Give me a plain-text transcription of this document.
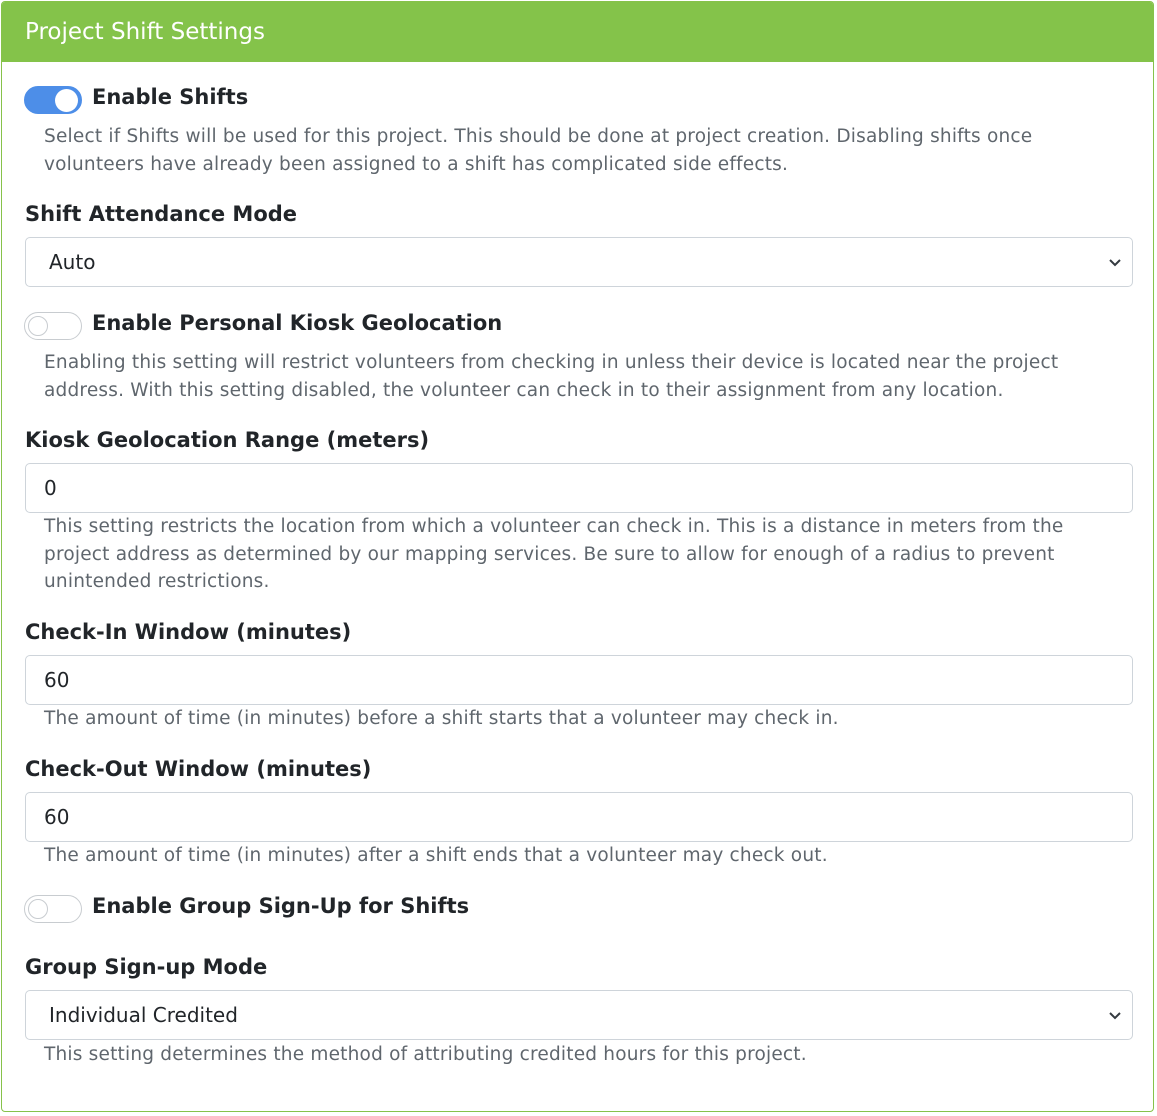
Project Shift Settings
Enable Shifts
Select if Shifts will be used for this project. This should be done at project creation. Disabling shifts once volunteers have already been assigned to a shift has complicated side effects.
Shift Attendance Mode
Auto
Enable Personal Kiosk Geolocation
Enabling this setting will restrict volunteers from checking in unless their device is located near the project address. With this setting disabled, the volunteer can check in to their assignment from any location.
Kiosk Geolocation Range (meters)
0
This setting restricts the location from which a volunteer can check in. This is a distance in meters from the project address as determined by our mapping services. Be sure to allow for enough of a radius to prevent unintended restrictions.
Check-In Window (minutes)
60
The amount of time (in minutes) before a shift starts that a volunteer may check in.
Check-Out Window (minutes)
60
The amount of time (in minutes) after a shift ends that a volunteer may check out.
Enable Group Sign-Up for Shifts
Group Sign-up Mode
Individual Credited
This setting determines the method of attributing credited hours for this project.
